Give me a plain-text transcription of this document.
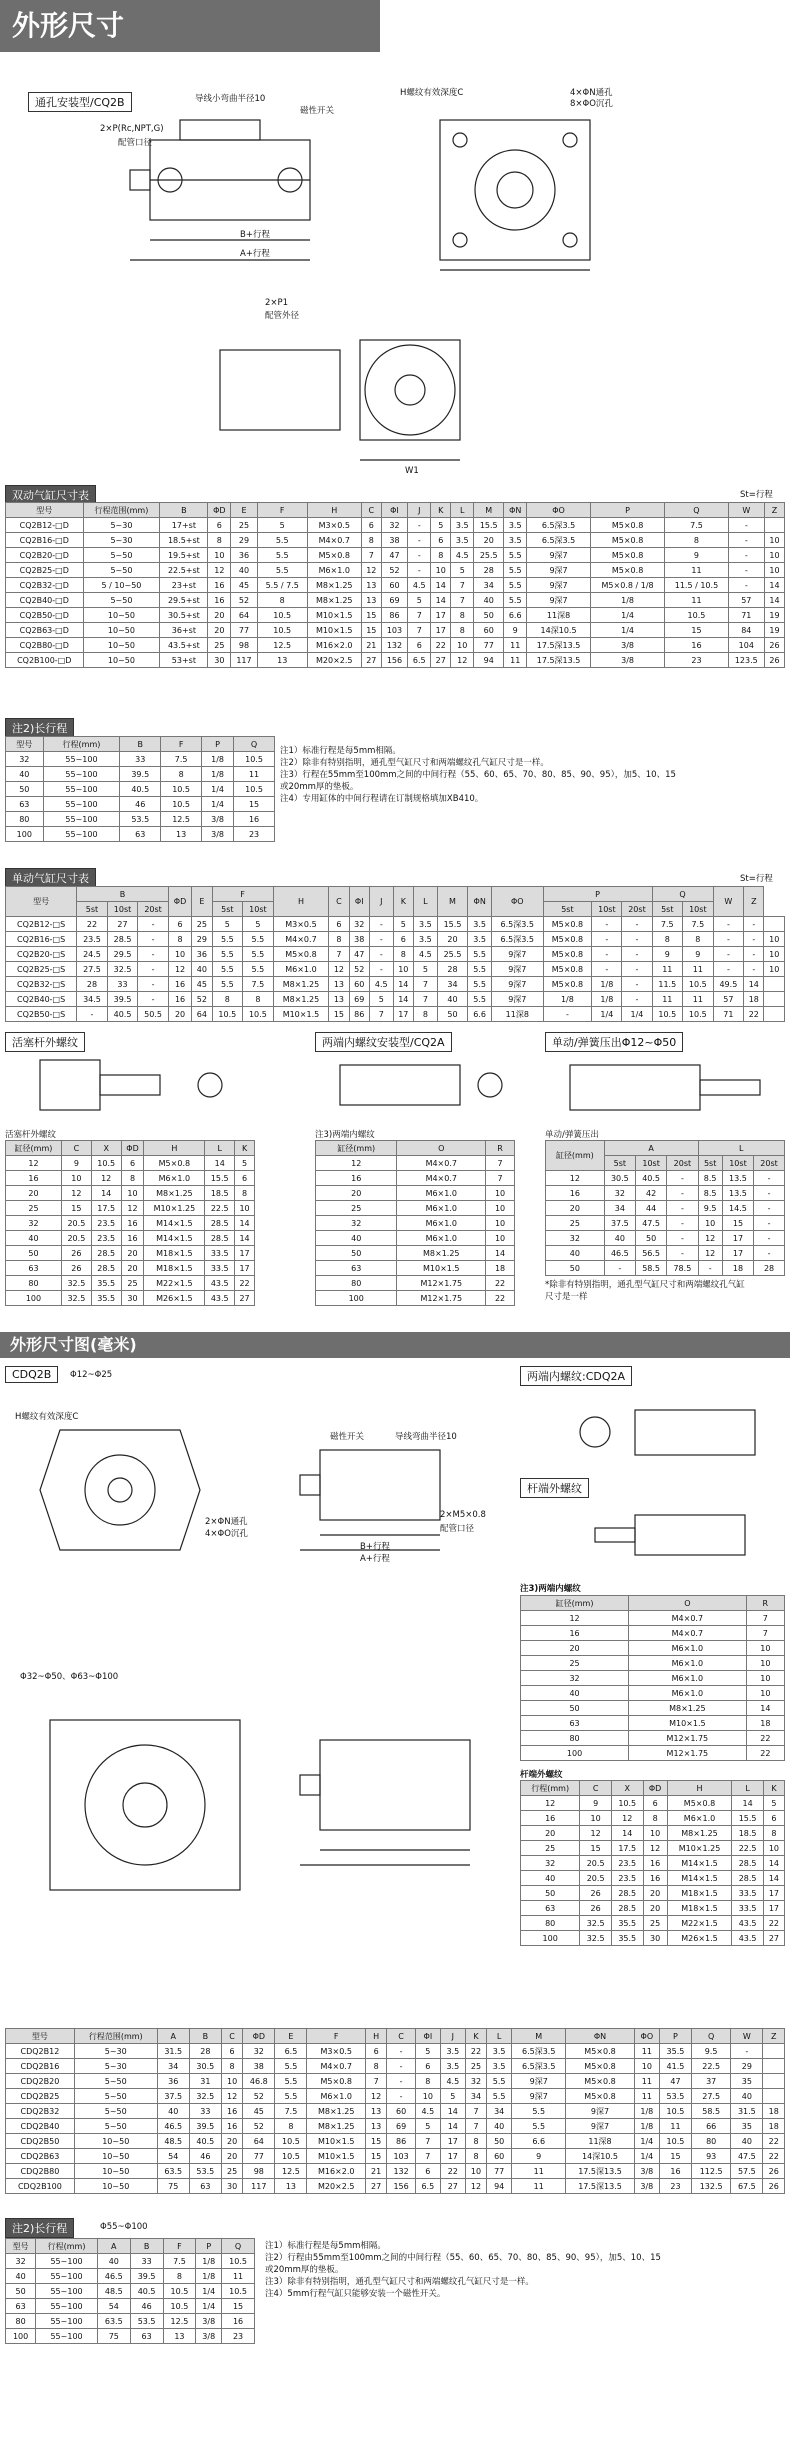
外形尺寸
通孔安装型/CQ2B	导线小弯曲半径10
磁性开关
2×P(Rc,NPT,G)
配管口径
B+行程
A+行程
H螺纹有效深度C	4×ΦN通孔
8×ΦO沉孔
2×P1
配管外径
W1
双动气缸尺寸表	St=行程
型号	行程范围(mm)	B	ΦD	E	F	H	C	ΦI	J	K	L	M	ΦN	ΦO	P	Q	W	Z
CQ2B12-□D	5~30	17+st	6	25	5	M3×0.5	6	32	-	5	3.5	15.5	3.5	6.5深3.5	M5×0.8	7.5	-	
CQ2B16-□D	5~30	18.5+st	8	29	5.5	M4×0.7	8	38	-	6	3.5	20	3.5	6.5深3.5	M5×0.8	8	-	10
CQ2B20-□D	5~50	19.5+st	10	36	5.5	M5×0.8	7	47	-	8	4.5	25.5	5.5	9深7	M5×0.8	9	-	10
CQ2B25-□D	5~50	22.5+st	12	40	5.5	M6×1.0	12	52	-	10	5	28	5.5	9深7	M5×0.8	11	-	10
CQ2B32-□D	5 / 10~50	23+st	16	45	5.5 / 7.5	M8×1.25	13	60	4.5	14	7	34	5.5	9深7	M5×0.8 / 1/8	11.5 / 10.5	-	14
CQ2B40-□D	5~50	29.5+st	16	52	8	M8×1.25	13	69	5	14	7	40	5.5	9深7	1/8	11	57	14
CQ2B50-□D	10~50	30.5+st	20	64	10.5	M10×1.5	15	86	7	17	8	50	6.6	11深8	1/4	10.5	71	19
CQ2B63-□D	10~50	36+st	20	77	10.5	M10×1.5	15	103	7	17	8	60	9	14深10.5	1/4	15	84	19
CQ2B80-□D	10~50	43.5+st	25	98	12.5	M16×2.0	21	132	6	22	10	77	11	17.5深13.5	3/8	16	104	26
CQ2B100-□D	10~50	53+st	30	117	13	M20×2.5	27	156	6.5	27	12	94	11	17.5深13.5	3/8	23	123.5	26
注2)长行程
型号	行程(mm)	B	F	P	Q
32	55~100	33	7.5	1/8	10.5
40	55~100	39.5	8	1/8	11
50	55~100	40.5	10.5	1/4	10.5
63	55~100	46	10.5	1/4	15
80	55~100	53.5	12.5	3/8	16
100	55~100	63	13	3/8	23
注1）标准行程是每5mm相隔。
注2）除非有特别指明，通孔型气缸尺寸和两端螺纹孔气缸尺寸是一样。
注3）行程在55mm至100mm之间的中间行程（55、60、65、70、80、85、90、95），加5、10、15
或20mm厚的垫板。
注4）专用缸体的中间行程请在订制规格填加XB410。
单动气缸尺寸表	St=行程
型号	B			ΦD	E	F		H	C	ΦI	J	K	L	M	ΦN	ΦO	P			Q		W	Z	
	5st	10st	20st			5st	10st										5st	10st	20st	5st	10st			
CQ2B12-□S	22	27	-	6	25	5	5	M3×0.5	6	32	-	5	3.5	15.5	3.5	6.5深3.5	M5×0.8	-	-	7.5	7.5	-	-	
CQ2B16-□S	23.5	28.5	-	8	29	5.5	5.5	M4×0.7	8	38	-	6	3.5	20	3.5	6.5深3.5	M5×0.8	-	-	8	8	-	-	10
CQ2B20-□S	24.5	29.5	-	10	36	5.5	5.5	M5×0.8	7	47	-	8	4.5	25.5	5.5	9深7	M5×0.8	-	-	9	9	-	-	10
CQ2B25-□S	27.5	32.5	-	12	40	5.5	5.5	M6×1.0	12	52	-	10	5	28	5.5	9深7	M5×0.8	-	-	11	11	-	-	10
CQ2B32-□S	28	33	-	16	45	5.5	7.5	M8×1.25	13	60	4.5	14	7	34	5.5	9深7	M5×0.8	1/8	-	11.5	10.5	49.5	14	
CQ2B40-□S	34.5	39.5	-	16	52	8	8	M8×1.25	13	69	5	14	7	40	5.5	9深7	1/8	1/8	-	11	11	57	18	
CQ2B50-□S	-	40.5	50.5	20	64	10.5	10.5	M10×1.5	15	86	7	17	8	50	6.6	11深8	-	1/4	1/4	10.5	10.5	71	22	
活塞杆外螺纹	两端内螺纹安装型/CQ2A	单动/弹簧压出Φ12~Φ50
活塞杆外螺纹
缸径(mm)	C	X	ΦD	H	L	K
12	9	10.5	6	M5×0.8	14	5
16	10	12	8	M6×1.0	15.5	6
20	12	14	10	M8×1.25	18.5	8
25	15	17.5	12	M10×1.25	22.5	10
32	20.5	23.5	16	M14×1.5	28.5	14
40	20.5	23.5	16	M14×1.5	28.5	14
50	26	28.5	20	M18×1.5	33.5	17
63	26	28.5	20	M18×1.5	33.5	17
80	32.5	35.5	25	M22×1.5	43.5	22
100	32.5	35.5	30	M26×1.5	43.5	27
注3)两端内螺纹
缸径(mm)	O	R
12	M4×0.7	7
16	M4×0.7	7
20	M6×1.0	10
25	M6×1.0	10
32	M6×1.0	10
40	M6×1.0	10
50	M8×1.25	14
63	M10×1.5	18
80	M12×1.75	22
100	M12×1.75	22
单动/弹簧压出
缸径(mm)	A			L		
	5st	10st	20st	5st	10st	20st
12	30.5	40.5	-	8.5	13.5	-
16	32	42	-	8.5	13.5	-
20	34	44	-	9.5	14.5	-
25	37.5	47.5	-	10	15	-
32	40	50	-	12	17	-
40	46.5	56.5	-	12	17	-
50	-	58.5	78.5	-	18	28
*除非有特别指明，通孔型气缸尺寸和两端螺纹孔气缸
尺寸是一样
外形尺寸图(毫米)
CDQ2B	Φ12~Φ25	两端内螺纹:CDQ2A
杆端外螺纹
H螺纹有效深度C
磁性开关	导线弯曲半径10
2×ΦN通孔
4×ΦO沉孔
2×M5×0.8
配管口径
B+行程
A+行程
注3)两端内螺纹
缸径(mm)	O	R
12	M4×0.7	7
16	M4×0.7	7
20	M6×1.0	10
25	M6×1.0	10
32	M6×1.0	10
40	M6×1.0	10
50	M8×1.25	14
63	M10×1.5	18
80	M12×1.75	22
100	M12×1.75	22
Φ32~Φ50、Φ63~Φ100
杆端外螺纹
行程(mm)	C	X	ΦD	H	L	K
12	9	10.5	6	M5×0.8	14	5
16	10	12	8	M6×1.0	15.5	6
20	12	14	10	M8×1.25	18.5	8
25	15	17.5	12	M10×1.25	22.5	10
32	20.5	23.5	16	M14×1.5	28.5	14
40	20.5	23.5	16	M14×1.5	28.5	14
50	26	28.5	20	M18×1.5	33.5	17
63	26	28.5	20	M18×1.5	33.5	17
80	32.5	35.5	25	M22×1.5	43.5	22
100	32.5	35.5	30	M26×1.5	43.5	27
型号	行程范围(mm)	A	B	C	ΦD	E	F	H	C	ΦI	J	K	L	M	ΦN	ΦO	P	Q	W	Z
CDQ2B12	5~30	31.5	28	6	32	6.5	M3×0.5	6	-	5	3.5	22	3.5	6.5深3.5	M5×0.8	11	35.5	9.5	-	
CDQ2B16	5~30	34	30.5	8	38	5.5	M4×0.7	8	-	6	3.5	25	3.5	6.5深3.5	M5×0.8	10	41.5	22.5	29	
CDQ2B20	5~50	36	31	10	46.8	5.5	M5×0.8	7	-	8	4.5	32	5.5	9深7	M5×0.8	11	47	37	35	
CDQ2B25	5~50	37.5	32.5	12	52	5.5	M6×1.0	12	-	10	5	34	5.5	9深7	M5×0.8	11	53.5	27.5	40	
CDQ2B32	5~50	40	33	16	45	7.5	M8×1.25	13	60	4.5	14	7	34	5.5	9深7	1/8	10.5	58.5	31.5	18
CDQ2B40	5~50	46.5	39.5	16	52	8	M8×1.25	13	69	5	14	7	40	5.5	9深7	1/8	11	66	35	18
CDQ2B50	10~50	48.5	40.5	20	64	10.5	M10×1.5	15	86	7	17	8	50	6.6	11深8	1/4	10.5	80	40	22
CDQ2B63	10~50	54	46	20	77	10.5	M10×1.5	15	103	7	17	8	60	9	14深10.5	1/4	15	93	47.5	22
CDQ2B80	10~50	63.5	53.5	25	98	12.5	M16×2.0	21	132	6	22	10	77	11	17.5深13.5	3/8	16	112.5	57.5	26
CDQ2B100	10~50	75	63	30	117	13	M20×2.5	27	156	6.5	27	12	94	11	17.5深13.5	3/8	23	132.5	67.5	26
注2)长行程	Φ55~Φ100
型号	行程(mm)	A	B	F	P	Q
32	55~100	40	33	7.5	1/8	10.5
40	55~100	46.5	39.5	8	1/8	11
50	55~100	48.5	40.5	10.5	1/4	10.5
63	55~100	54	46	10.5	1/4	15
80	55~100	63.5	53.5	12.5	3/8	16
100	55~100	75	63	13	3/8	23
注1）标准行程是每5mm相隔。
注2）行程由55mm至100mm之间的中间行程（55、60、65、70、80、85、90、95），加5、10、15
或20mm厚的垫板。
注3）除非有特别指明，通孔型气缸尺寸和两端螺纹孔气缸尺寸是一样。
注4）5mm行程气缸只能够安装一个磁性开关。
